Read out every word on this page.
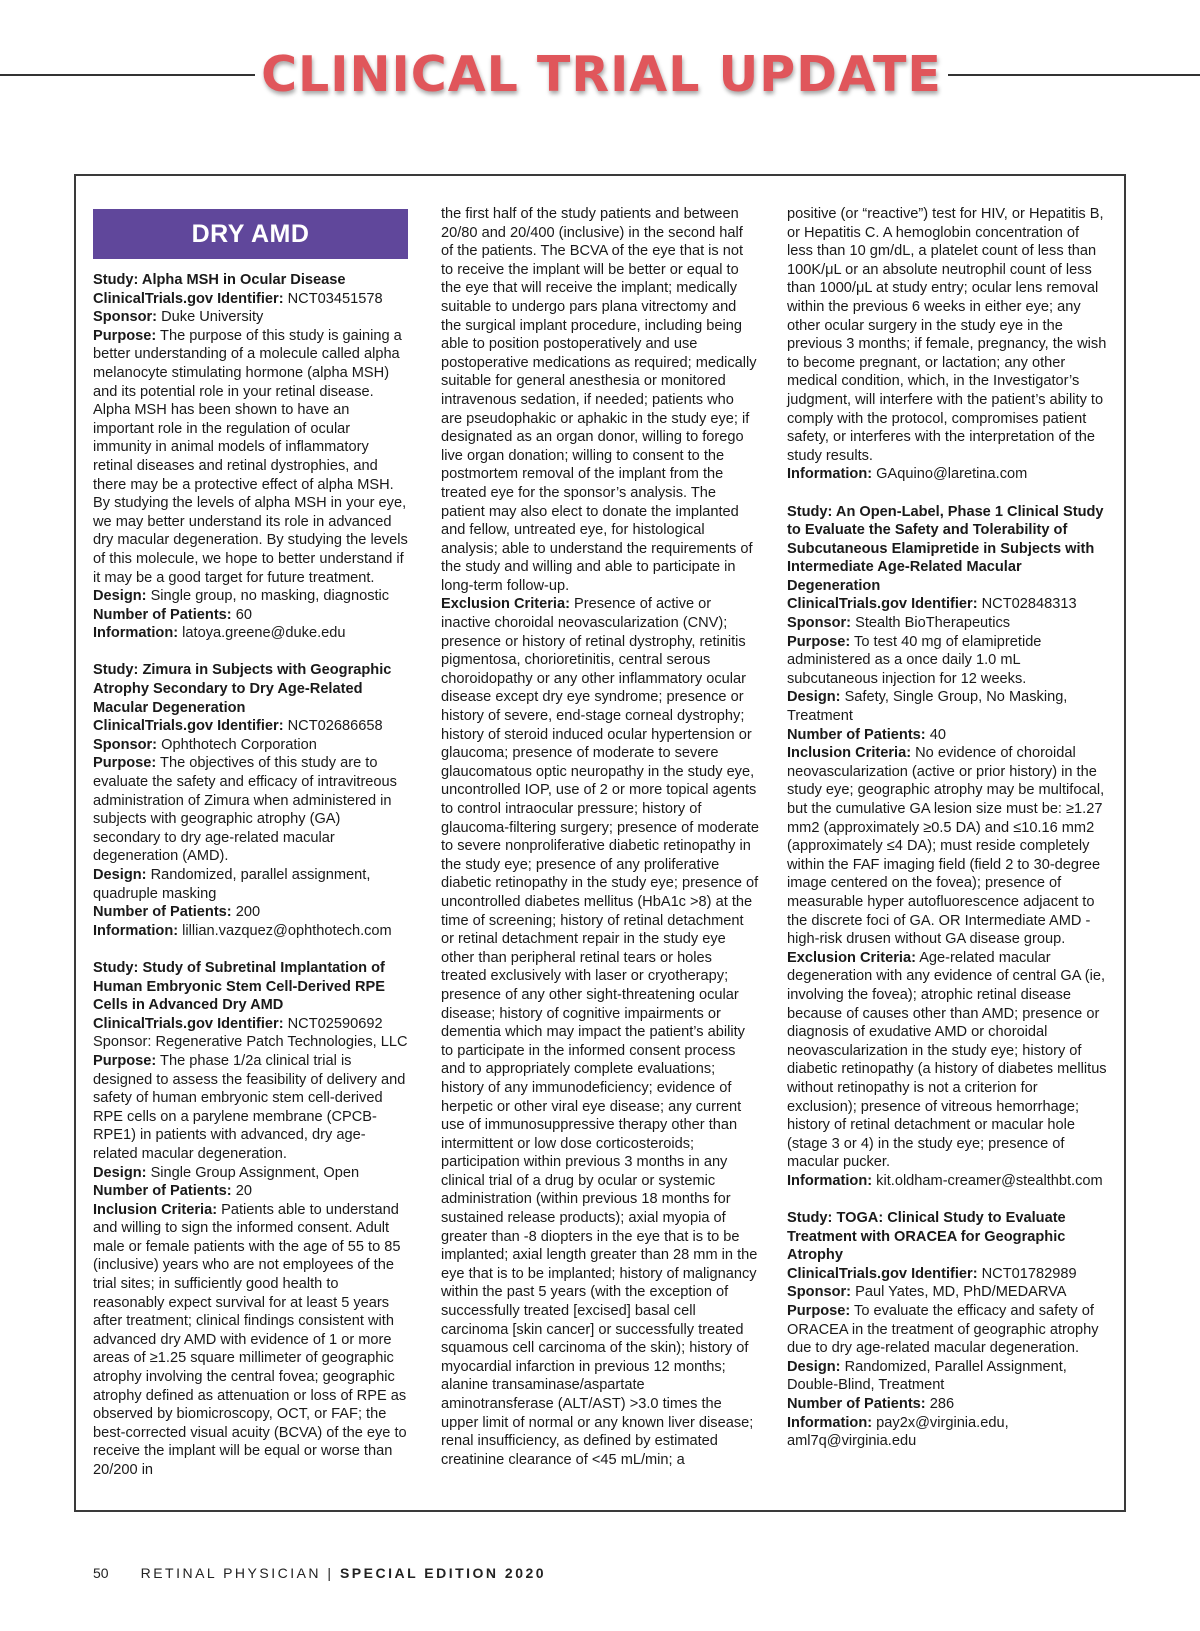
CLINICAL TRIAL UPDATE
DRY AMD

Study: Alpha MSH in Ocular Disease

ClinicalTrials.gov Identifier: NCT03451578

Sponsor: Duke University

Purpose: The purpose of this study is gaining a better understanding of a molecule called alpha melanocyte stimulating hormone (alpha MSH) and its potential role in your retinal disease. Alpha MSH has been shown to have an important role in the regulation of ocular immunity in animal models of inflammatory retinal diseases and retinal dystrophies, and there may be a protective effect of alpha MSH. By studying the levels of alpha MSH in your eye, we may better understand its role in advanced dry macular degeneration. By studying the levels of this molecule, we hope to better understand if it may be a good target for future treatment.

Design: Single group, no masking, diagnostic

Number of Patients: 60

Information: latoya.greene@duke.edu

Study: Zimura in Subjects with Geographic Atrophy Secondary to Dry Age-Related Macular Degeneration

ClinicalTrials.gov Identifier: NCT02686658

Sponsor: Ophthotech Corporation

Purpose: The objectives of this study are to evaluate the safety and efficacy of intravitreous administration of Zimura when administered in subjects with geographic atrophy (GA) secondary to dry age-related macular degeneration (AMD).

Design: Randomized, parallel assignment, quadruple masking

Number of Patients: 200

Information: lillian.vazquez@ophthotech.com

Study: Study of Subretinal Implantation of Human Embryonic Stem Cell-Derived RPE Cells in Advanced Dry AMD

ClinicalTrials.gov Identifier: NCT02590692

Sponsor: Regenerative Patch Technologies, LLC

Purpose: The phase 1/2a clinical trial is designed to assess the feasibility of delivery and safety of human embryonic stem cell-derived RPE cells on a parylene membrane (CPCB-RPE1) in patients with advanced, dry age-related macular degeneration.

Design: Single Group Assignment, Open

Number of Patients: 20

Inclusion Criteria: Patients able to understand and willing to sign the informed consent. Adult male or female patients with the age of 55 to 85 (inclusive) years who are not employees of the trial sites; in sufficiently good health to reasonably expect survival for at least 5 years after treatment; clinical findings consistent with advanced dry AMD with evidence of 1 or more areas of ≥1.25 square millimeter of geographic atrophy involving the central fovea; geographic atrophy defined as attenuation or loss of RPE as observed by biomicroscopy, OCT, or FAF; the best-corrected visual acuity (BCVA) of the eye to receive the implant will be equal or worse than 20/200 in

the first half of the study patients and between 20/80 and 20/400 (inclusive) in the second half of the patients. The BCVA of the eye that is not to receive the implant will be better or equal to the eye that will receive the implant; medically suitable to undergo pars plana vitrectomy and the surgical implant procedure, including being able to position postoperatively and use postoperative medications as required; medically suitable for general anesthesia or monitored intravenous sedation, if needed; patients who are pseudophakic or aphakic in the study eye; if designated as an organ donor, willing to forego live organ donation; willing to consent to the postmortem removal of the implant from the treated eye for the sponsor’s analysis. The patient may also elect to donate the implanted and fellow, untreated eye, for histological analysis; able to understand the requirements of the study and willing and able to participate in long-term follow-up.

Exclusion Criteria: Presence of active or inactive choroidal neovascularization (CNV); presence or history of retinal dystrophy, retinitis pigmentosa, chorioretinitis, central serous choroidopathy or any other inflammatory ocular disease except dry eye syndrome; presence or history of severe, end-stage corneal dystrophy; history of steroid induced ocular hypertension or glaucoma; presence of moderate to severe glaucomatous optic neuropathy in the study eye, uncontrolled IOP, use of 2 or more topical agents to control intraocular pressure; history of glaucoma-filtering surgery; presence of moderate to severe nonproliferative diabetic retinopathy in the study eye; presence of any proliferative diabetic retinopathy in the study eye; presence of uncontrolled diabetes mellitus (HbA1c >8) at the time of screening; history of retinal detachment or retinal detachment repair in the study eye other than peripheral retinal tears or holes treated exclusively with laser or cryotherapy; presence of any other sight-threatening ocular disease; history of cognitive impairments or dementia which may impact the patient’s ability to participate in the informed consent process and to appropriately complete evaluations; history of any immunodeficiency; evidence of herpetic or other viral eye disease; any current use of immunosuppressive therapy other than intermittent or low dose corticosteroids; participation within previous 3 months in any clinical trial of a drug by ocular or systemic administration (within previous 18 months for sustained release products); axial myopia of greater than -8 diopters in the eye that is to be implanted; axial length greater than 28 mm in the eye that is to be implanted; history of malignancy within the past 5 years (with the exception of successfully treated [excised] basal cell carcinoma [skin cancer] or successfully treated squamous cell carcinoma of the skin); history of myocardial infarction in previous 12 months; alanine transaminase/aspartate aminotransferase (ALT/AST) >3.0 times the upper limit of normal or any known liver disease; renal insufficiency, as defined by estimated creatinine clearance of <45 mL/min; a

positive (or “reactive”) test for HIV, or Hepatitis B, or Hepatitis C. A hemoglobin concentration of less than 10 gm/dL, a platelet count of less than 100K/μL or an absolute neutrophil count of less than 1000/μL at study entry; ocular lens removal within the previous 6 weeks in either eye; any other ocular surgery in the study eye in the previous 3 months; if female, pregnancy, the wish to become pregnant, or lactation; any other medical condition, which, in the Investigator’s judgment, will interfere with the patient’s ability to comply with the protocol, compromises patient safety, or interferes with the interpretation of the study results.

Information: GAquino@laretina.com

Study: An Open-Label, Phase 1 Clinical Study to Evaluate the Safety and Tolerability of Subcutaneous Elamipretide in Subjects with Intermediate Age-Related Macular Degeneration

ClinicalTrials.gov Identifier: NCT02848313

Sponsor: Stealth BioTherapeutics

Purpose: To test 40 mg of elamipretide administered as a once daily 1.0 mL subcutaneous injection for 12 weeks.

Design: Safety, Single Group, No Masking, Treatment

Number of Patients: 40

Inclusion Criteria: No evidence of choroidal neovascularization (active or prior history) in the study eye; geographic atrophy may be multifocal, but the cumulative GA lesion size must be: ≥1.27 mm2 (approximately ≥0.5 DA) and ≤10.16 mm2 (approximately ≤4 DA); must reside completely within the FAF imaging field (field 2 to 30-degree image centered on the fovea); presence of measurable hyper autofluorescence adjacent to the discrete foci of GA. OR Intermediate AMD - high-risk drusen without GA disease group.

Exclusion Criteria: Age-related macular degeneration with any evidence of central GA (ie, involving the fovea); atrophic retinal disease because of causes other than AMD; presence or diagnosis of exudative AMD or choroidal neovascularization in the study eye; history of diabetic retinopathy (a history of diabetes mellitus without retinopathy is not a criterion for exclusion); presence of vitreous hemorrhage; history of retinal detachment or macular hole (stage 3 or 4) in the study eye; presence of macular pucker.

Information: kit.oldham-creamer@stealthbt.com

Study: TOGA: Clinical Study to Evaluate Treatment with ORACEA for Geographic Atrophy

ClinicalTrials.gov Identifier: NCT01782989

Sponsor: Paul Yates, MD, PhD/MEDARVA

Purpose: To evaluate the efficacy and safety of ORACEA in the treatment of geographic atrophy due to dry age-related macular degeneration.

Design: Randomized, Parallel Assignment, Double-Blind, Treatment

Number of Patients: 286

Information: pay2x@virginia.edu, aml7q@virginia.edu

50 RETINAL PHYSICIAN | SPECIAL EDITION 2020
